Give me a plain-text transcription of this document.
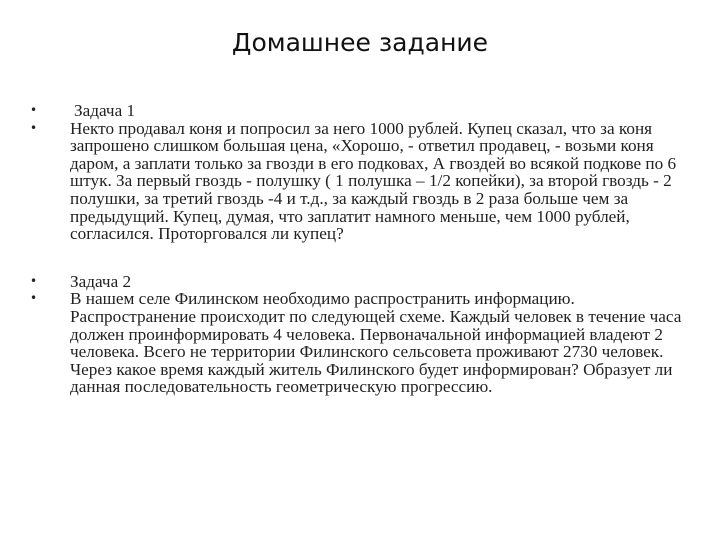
Домашнее задание
•	Задача 1
•	Некто продавал коня и попросил за него 1000 рублей. Купец сказал, что за коня запрошено слишком большая цена, «Хорошо, - ответил продавец, - возьми коня даром, а заплати только за гвозди в его подковах, А гвоздей во всякой подкове по 6 штук. За первый гвоздь - полушку ( 1 полушка – 1/2 копейки), за второй гвоздь - 2 полушки, за третий гвоздь -4 и т.д., за каждый гвоздь в 2 раза больше чем за предыдущий. Купец, думая, что заплатит намного меньше, чем 1000 рублей, согласился. Проторговался ли купец?
•	Задача 2
•	В нашем селе Филинском необходимо распространить информацию. Распространение происходит по следующей схеме. Каждый человек в течение часа должен проинформировать 4 человека. Первоначальной информацией владеют 2 человека. Всего не территории Филинского сельсовета проживают 2730 человек. Через какое время каждый житель Филинского будет информирован? Образует ли данная последовательность геометрическую прогрессию.
